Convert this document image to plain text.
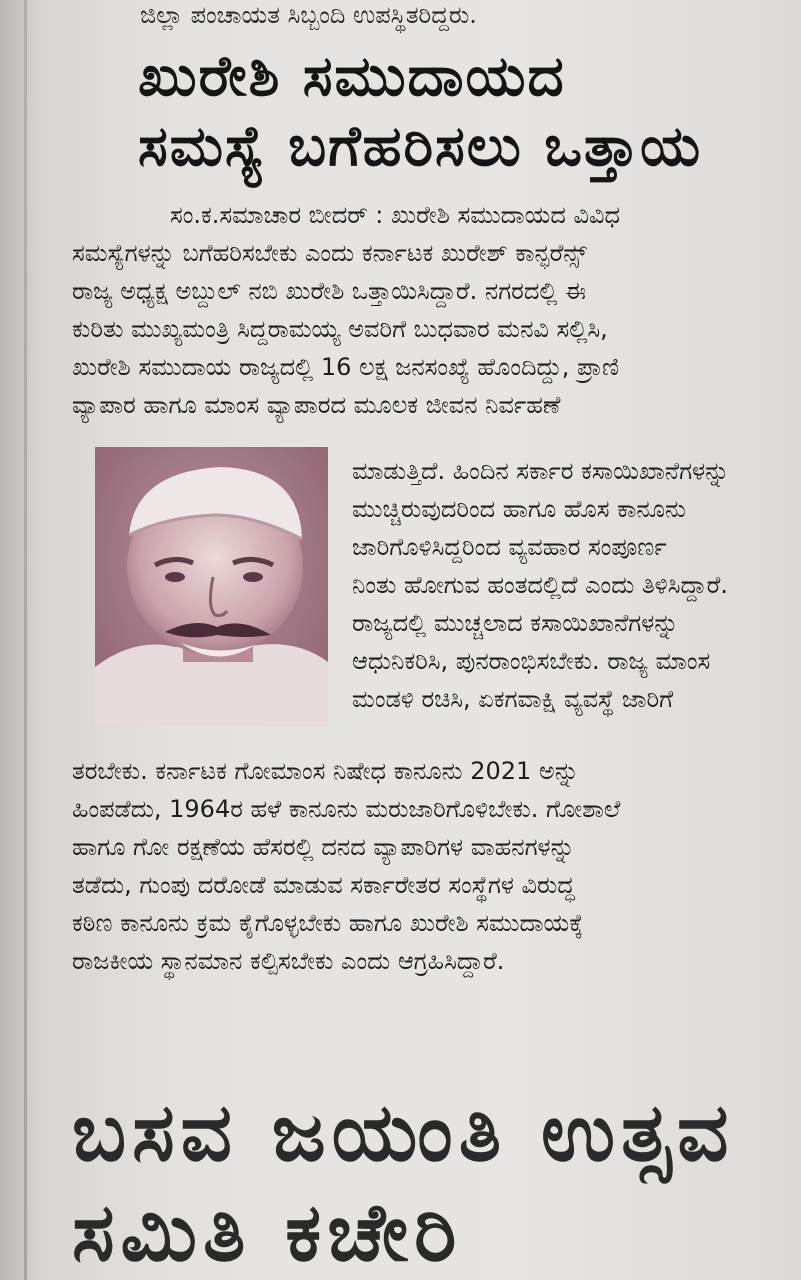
ಜಿಲ್ಲಾ ಪಂಚಾಯತ ಸಿಬ್ಬಂದಿ ಉಪಸ್ಥಿತರಿದ್ದರು.
ಖುರೇಶಿ ಸಮುದಾಯದ
ಸಮಸ್ಯೆ ಬಗೆಹರಿಸಲು ಒತ್ತಾಯ
ಸಂ.ಕ.ಸಮಾಚಾರ ಬೀದರ್ : ಖುರೇಶಿ ಸಮುದಾಯದ ವಿವಿಧ
ಸಮಸ್ಯೆಗಳನ್ನು ಬಗೆಹರಿಸಬೇಕು ಎಂದು ಕರ್ನಾಟಕ ಖುರೇಶ್ ಕಾನ್ಫರೆನ್ಸ್
ರಾಜ್ಯ ಅಧ್ಯಕ್ಷ ಅಬ್ದುಲ್ ನಬಿ ಖುರೇಶಿ ಒತ್ತಾಯಿಸಿದ್ದಾರೆ. ನಗರದಲ್ಲಿ ಈ
ಕುರಿತು ಮುಖ್ಯಮಂತ್ರಿ ಸಿದ್ದರಾಮಯ್ಯ ಅವರಿಗೆ ಬುಧವಾರ ಮನವಿ ಸಲ್ಲಿಸಿ,
ಖುರೇಶಿ ಸಮುದಾಯ ರಾಜ್ಯದಲ್ಲಿ 16 ಲಕ್ಷ ಜನಸಂಖ್ಯೆ ಹೊಂದಿದ್ದು, ಪ್ರಾಣಿ
ವ್ಯಾಪಾರ ಹಾಗೂ ಮಾಂಸ ವ್ಯಾಪಾರದ ಮೂಲಕ ಜೀವನ ನಿರ್ವಹಣೆ
ಮಾಡುತ್ತಿದೆ. ಹಿಂದಿನ ಸರ್ಕಾರ ಕಸಾಯಿಖಾನೆಗಳನ್ನು
ಮುಚ್ಚಿರುವುದರಿಂದ ಹಾಗೂ ಹೊಸ ಕಾನೂನು
ಜಾರಿಗೊಳಿಸಿದ್ದರಿಂದ ವ್ಯವಹಾರ ಸಂಪೂರ್ಣ
ನಿಂತು ಹೋಗುವ ಹಂತದಲ್ಲಿದೆ ಎಂದು ತಿಳಿಸಿದ್ದಾರೆ.
ರಾಜ್ಯದಲ್ಲಿ ಮುಚ್ಚಲಾದ ಕಸಾಯಿಖಾನೆಗಳನ್ನು
ಆಧುನಿಕರಿಸಿ, ಪುನರಾಂಭಿಸಬೇಕು. ರಾಜ್ಯ ಮಾಂಸ
ಮಂಡಳಿ ರಚಿಸಿ, ಏಕಗವಾಕ್ಷಿ ವ್ಯವಸ್ಥೆ ಜಾರಿಗೆ
ತರಬೇಕು. ಕರ್ನಾಟಕ ಗೋಮಾಂಸ ನಿಷೇಧ ಕಾನೂನು 2021 ಅನ್ನು
ಹಿಂಪಡೆದು, 1964ರ ಹಳೆ ಕಾನೂನು ಮರುಜಾರಿಗೊಳಿಬೇಕು. ಗೋಶಾಲೆ
ಹಾಗೂ ಗೋ ರಕ್ಷಣೆಯ ಹೆಸರಲ್ಲಿ ದನದ ವ್ಯಾಪಾರಿಗಳ ವಾಹನಗಳನ್ನು
ತಡೆದು, ಗುಂಪು ದರೋಡೆ ಮಾಡುವ ಸರ್ಕಾರೇತರ ಸಂಸ್ಥೆಗಳ ವಿರುದ್ಧ
ಕಠಿಣ ಕಾನೂನು ಕ್ರಮ ಕೈಗೊಳ್ಳಬೇಕು ಹಾಗೂ ಖುರೇಶಿ ಸಮುದಾಯಕ್ಕೆ
ರಾಜಕೀಯ ಸ್ಥಾನಮಾನ ಕಲ್ಪಿಸಬೇಕು ಎಂದು ಆಗ್ರಹಿಸಿದ್ದಾರೆ.
ಬಸವ ಜಯಂತಿ ಉತ್ಸವ
ಸಮಿತಿ ಕಚೇರಿ
